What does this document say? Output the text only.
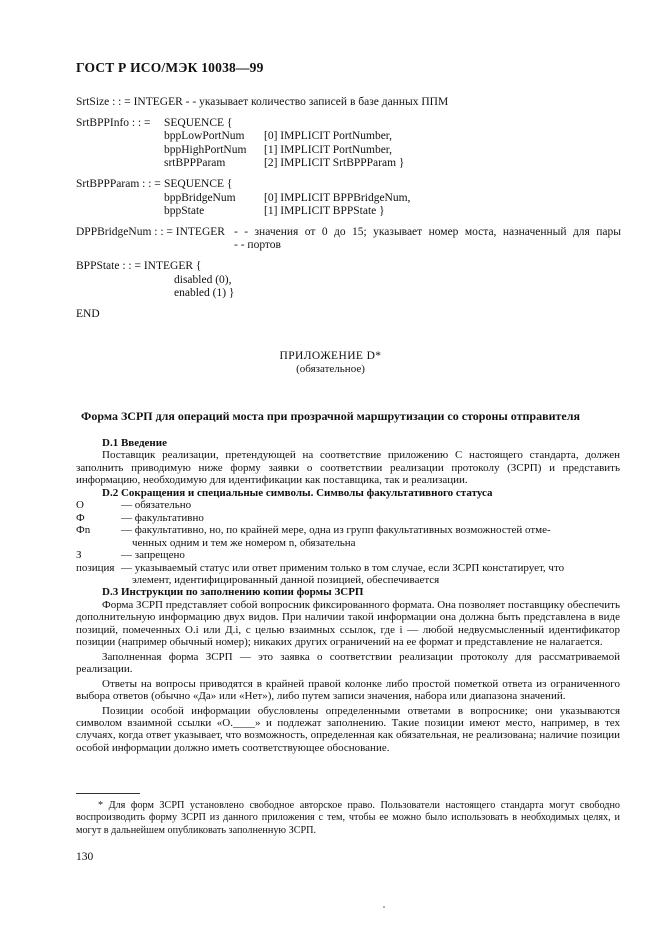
ГОСТ Р ИСО/МЭК 10038—99
SrtSize : : = INTEGER - - указывает количество записей в базе данных ППМ
SrtBPPInfo : : = SEQUENCE {
bppLowPortNum [0] IMPLICIT PortNumber,
bppHighPortNum [1] IMPLICIT PortNumber,
srtBPPParam	[2] IMPLICIT SrtBPPParam }
SrtBPPParam : : = SEQUENCE {
bppBridgeNum [0] IMPLICIT BPPBridgeNum,
bppState	[1] IMPLICIT BPPState }
DPPBridgeNum : : = INTEGER - - значения от 0 до 15; указывает номер моста, назначенный для пары
- - портов
BPPState : : = INTEGER {
disabled (0),
enabled (1) }
END
ПРИЛОЖЕНИЕ D*
(обязательное)
Форма ЗСРП для операций моста при прозрачной маршрутизации со стороны отправителя

D.1 Введение

Поставщик реализации, претендующей на соответствие приложению C настоящего стандарта, должен заполнить приводимую ниже форму заявки о соответствии реализации протоколу (ЗСРП) и представить информацию, необходимую для идентификации как поставщика, так и реализации.

D.2 Сокращения и специальные символы. Символы факультативного статуса

О	— обязательно
Ф	— факультативно
Фn	— факультативно, но, по крайней мере, одна из групп факультативных возможностей отме-
ченных одним и тем же номером n, обязательна
З	— запрещено
позиция — указываемый статус или ответ применим только в том случае, если ЗСРП констатирует, что
элемент, идентифицированный данной позицией, обеспечивается

D.3 Инструкции по заполнению копии формы ЗСРП

Форма ЗСРП представляет собой вопросник фиксированного формата. Она позволяет поставщику обеспечить дополнительную информацию двух видов. При наличии такой информации она должна быть представлена в виде позиций, помеченных О.i или Д.i, с целью взаимных ссылок, где i — любой недвусмысленный идентификатор позиции (например обычный номер); никаких других ограничений на ее формат и представление не налагается.

Заполненная форма ЗСРП — это заявка о соответствии реализации протоколу для рассматриваемой реализации.

Ответы на вопросы приводятся в крайней правой колонке либо простой пометкой ответа из ограниченного выбора ответов (обычно «Да» или «Нет»), либо путем записи значения, набора или диапазона значений.

Позиции особой информации обусловлены определенными ответами в вопроснике; они указываются символом взаимной ссылки «О.____» и подлежат заполнению. Такие позиции имеют место, например, в тех случаях, когда ответ указывает, что возможность, определенная как обязательная, не реализована; наличие позиции особой информации должно иметь соответствующее обоснование.

* Для форм ЗСРП установлено свободное авторское право. Пользователи настоящего стандарта могут свободно воспроизводить форму ЗСРП из данного приложения с тем, чтобы ее можно было использовать в необходимых целях, и могут в дальнейшем опубликовать заполненную ЗСРП.

130
